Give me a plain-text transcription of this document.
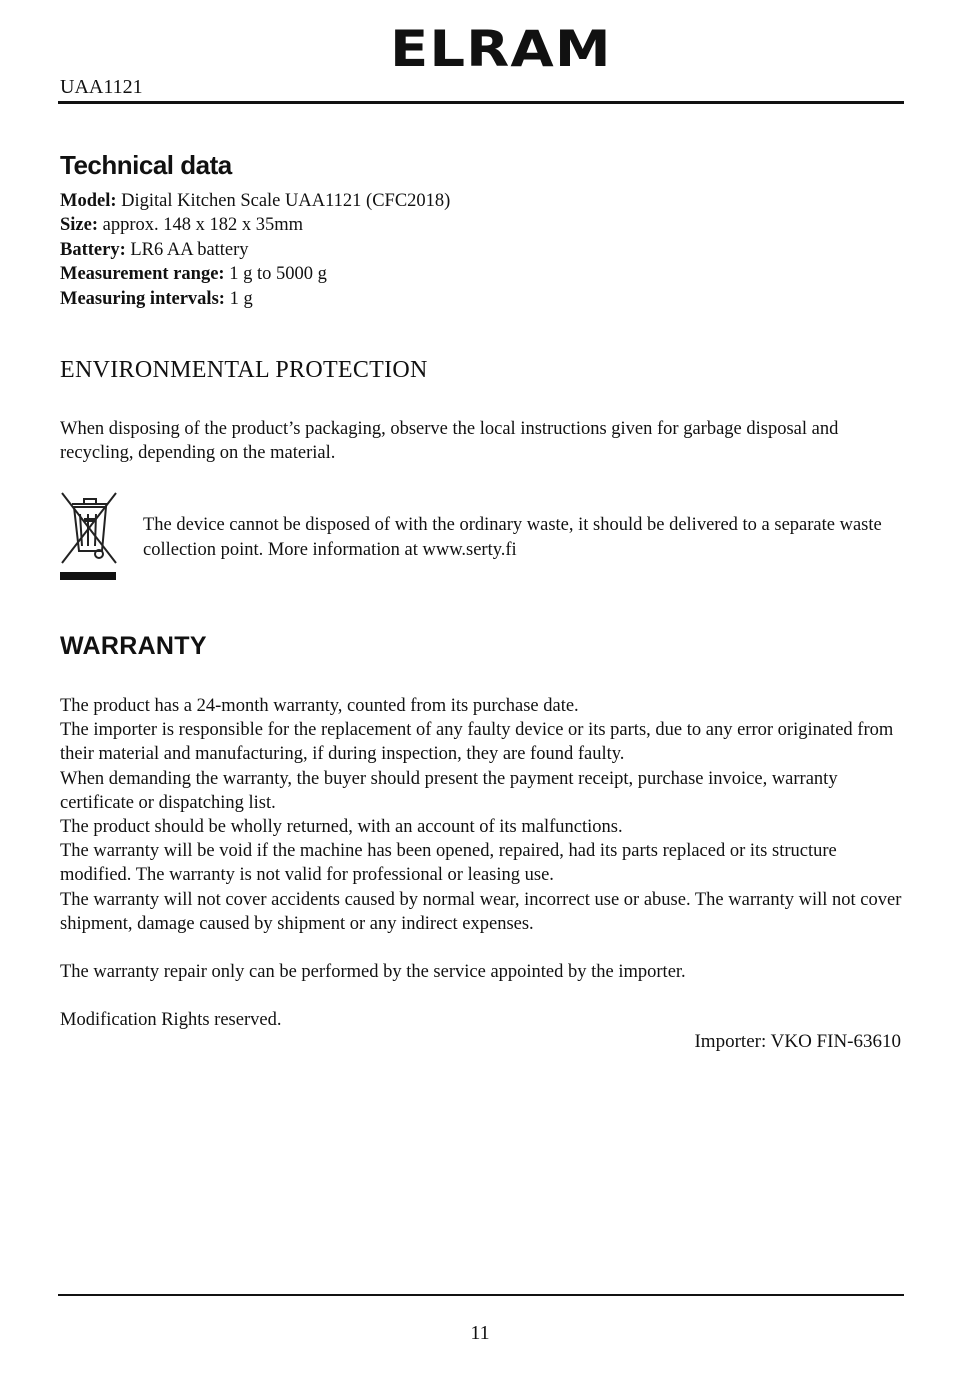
UAA1121
ELRAM
Technical data
Model: Digital Kitchen Scale UAA1121 (CFC2018)
Size: approx. 148 x 182 x 35mm
Battery: LR6 AA battery
Measurement range: 1 g to 5000 g
Measuring intervals: 1 g
ENVIRONMENTAL PROTECTION
When disposing of the product’s packaging, observe the local instructions given for garbage disposal and recycling, depending on the material.
The device cannot be disposed of with the ordinary waste, it should be delivered to a separate waste collection point. More information at www.serty.fi
WARRANTY

The product has a 24-month warranty, counted from its purchase date.

The importer is responsible for the replacement of any faulty device or its parts, due to any error originated from their material and manufacturing, if during inspection, they are found faulty.

When demanding the warranty, the buyer should present the payment receipt, purchase invoice, warranty certificate or dispatching list.

The product should be wholly returned, with an account of its malfunctions.

The warranty will be void if the machine has been opened, repaired, had its parts replaced or its structure modified. The warranty is not valid for professional or leasing use.

The warranty will not cover accidents caused by normal wear, incorrect use or abuse. The warranty will not cover shipment, damage caused by shipment or any indirect expenses.

The warranty repair only can be performed by the service appointed by the importer.

Modification Rights reserved.

Importer: VKO FIN-63610
11
